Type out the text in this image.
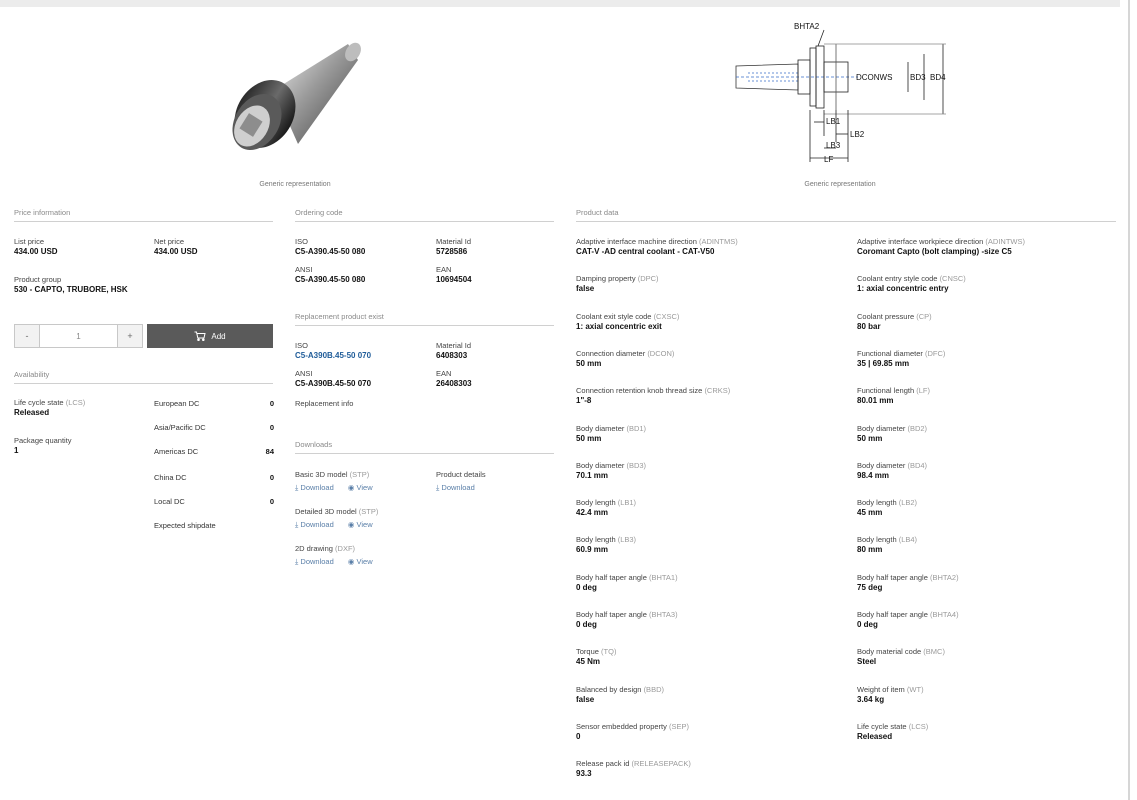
Generic representation
BHTA2
DCONWS BD3 BD4
LB1
LB2
LB3
LF
Generic representation
Price information
List price
434.00 USD
Net price
434.00 USD
Product group
530 - CAPTO, TRUBORE, HSK
-	1	+	Add
Availability
Life cycle state (LCS)
Released
Package quantity
1
European DC	0
Asia/Pacific DC	0
Americas DC	84
China DC	0
Local DC	0
Expected shipdate
Ordering code
ISO
C5-A390.45-50 080
Material Id
5728586
ANSI
C5-A390.45-50 080
EAN
10694504
Replacement product exist
ISO
C5-A390B.45-50 070
Material Id
6408303
ANSI
C5-A390B.45-50 070
EAN
26408303
Replacement info
Downloads
Basic 3D model (STP)
⤓ Download ◉ View
Product details
⤓ Download
Detailed 3D model (STP)
⤓ Download ◉ View
2D drawing (DXF)
⤓ Download ◉ View
Product data
Adaptive interface machine direction (ADINTMS)
CAT-V -AD central coolant - CAT-V50
Damping property (DPC)
false
Coolant exit style code (CXSC)
1: axial concentric exit
Connection diameter (DCON)
50 mm
Connection retention knob thread size (CRKS)
1"-8
Body diameter (BD1)
50 mm
Body diameter (BD3)
70.1 mm
Body length (LB1)
42.4 mm
Body length (LB3)
60.9 mm
Body half taper angle (BHTA1)
0 deg
Body half taper angle (BHTA3)
0 deg
Torque (TQ)
45 Nm
Balanced by design (BBD)
false
Sensor embedded property (SEP)
0
Release pack id (RELEASEPACK)
93.3
Adaptive interface workpiece direction (ADINTWS)
Coromant Capto (bolt clamping) -size C5
Coolant entry style code (CNSC)
1: axial concentric entry
Coolant pressure (CP)
80 bar
Functional diameter (DFC)
35 | 69.85 mm
Functional length (LF)
80.01 mm
Body diameter (BD2)
50 mm
Body diameter (BD4)
98.4 mm
Body length (LB2)
45 mm
Body length (LB4)
80 mm
Body half taper angle (BHTA2)
75 deg
Body half taper angle (BHTA4)
0 deg
Body material code (BMC)
Steel
Weight of item (WT)
3.64 kg
Life cycle state (LCS)
Released
